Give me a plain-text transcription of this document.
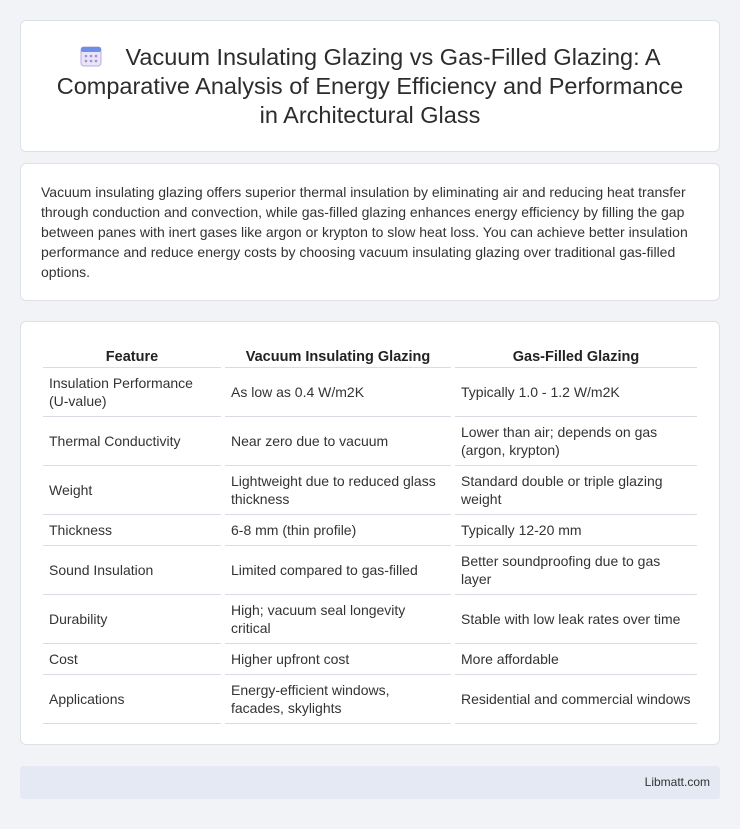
Vacuum Insulating Glazing vs Gas-Filled Glazing: A Comparative Analysis of Energy Efficiency and Performance in Architectural Glass

Vacuum insulating glazing offers superior thermal insulation by eliminating air and reducing heat transfer through conduction and convection, while gas-filled glazing enhances energy efficiency by filling the gap between panes with inert gases like argon or krypton to slow heat loss. You can achieve better insulation performance and reduce energy costs by choosing vacuum insulating glazing over traditional gas-filled options.

Feature	Vacuum Insulating Glazing	Gas-Filled Glazing
Insulation Performance (U-value)	As low as 0.4 W/m2K	Typically 1.0 - 1.2 W/m2K
Thermal Conductivity	Near zero due to vacuum	Lower than air; depends on gas (argon, krypton)
Weight	Lightweight due to reduced glass thickness	Standard double or triple glazing weight
Thickness	6-8 mm (thin profile)	Typically 12-20 mm
Sound Insulation	Limited compared to gas-filled	Better soundproofing due to gas layer
Durability	High; vacuum seal longevity critical	Stable with low leak rates over time
Cost	Higher upfront cost	More affordable
Applications	Energy-efficient windows, facades, skylights	Residential and commercial windows
Libmatt.com
